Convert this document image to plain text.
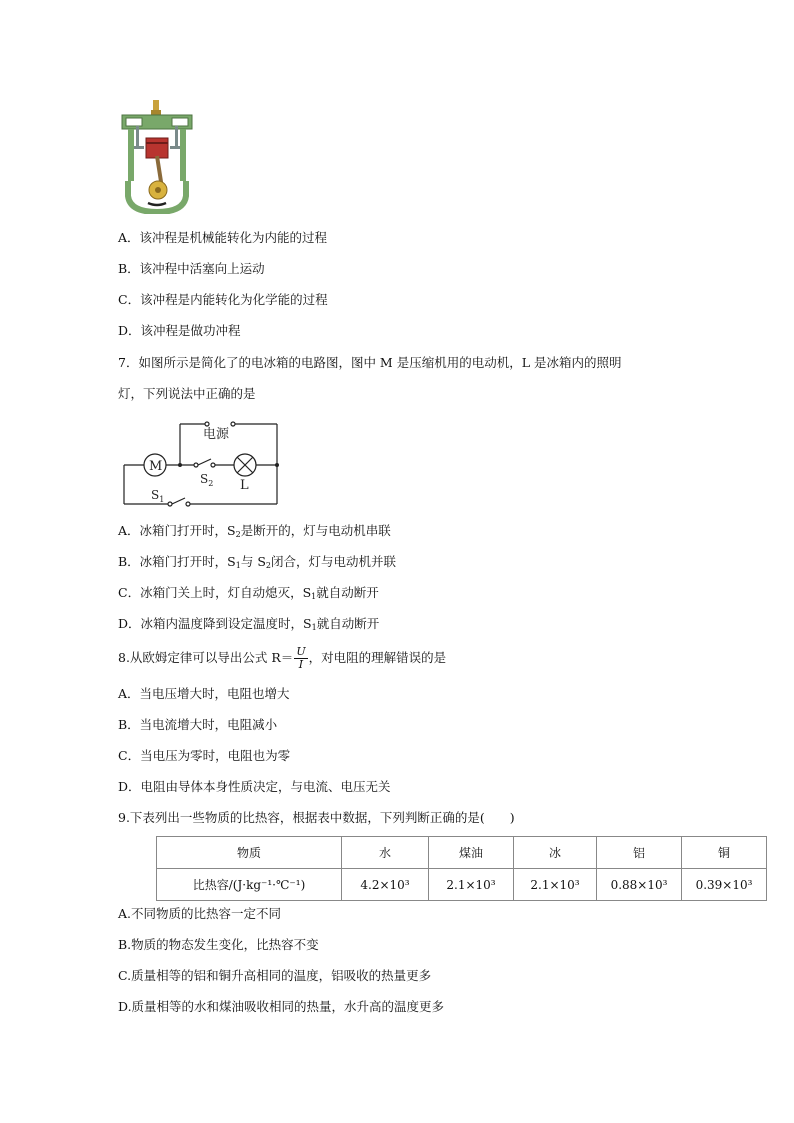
A．该冲程是机械能转化为内能的过程
B．该冲程中活塞向上运动
C．该冲程是内能转化为化学能的过程
D．该冲程是做功冲程
7．如图所示是简化了的电冰箱的电路图，图中 M 是压缩机用的电动机，L 是冰箱内的照明
灯，下列说法中正确的是
电源
M
$S_2$ L
$S_1$
A．冰箱门打开时，$S_2$是断开的，灯与电动机串联
B．冰箱门打开时，$S_1$与 $S_2$闭合，灯与电动机并联
C．冰箱门关上时，灯自动熄灭，$S_1$就自动断开
D．冰箱内温度降到设定温度时，$S_1$就自动断开
8.从欧姆定律可以导出公式 $R= \frac{U}{I}$ ，对电阻的理解错误的是
A．当电压增大时，电阻也增大
B．当电流增大时，电阻减小
C．当电压为零时，电阻也为零
D．电阻由导体本身性质决定，与电流、电压无关
9.下表列出一些物质的比热容，根据表中数据，下列判断正确的是(　　)
物质	水	煤油	冰	铝	铜
比热容/(J·kg⁻¹·℃⁻¹)	4.2×10³	2.1×10³	2.1×10³	0.88×10³	0.39×10³
A.不同物质的比热容一定不同
B.物质的物态发生变化，比热容不变
C.质量相等的铝和铜升高相同的温度，铝吸收的热量更多
D.质量相等的水和煤油吸收相同的热量，水升高的温度更多
